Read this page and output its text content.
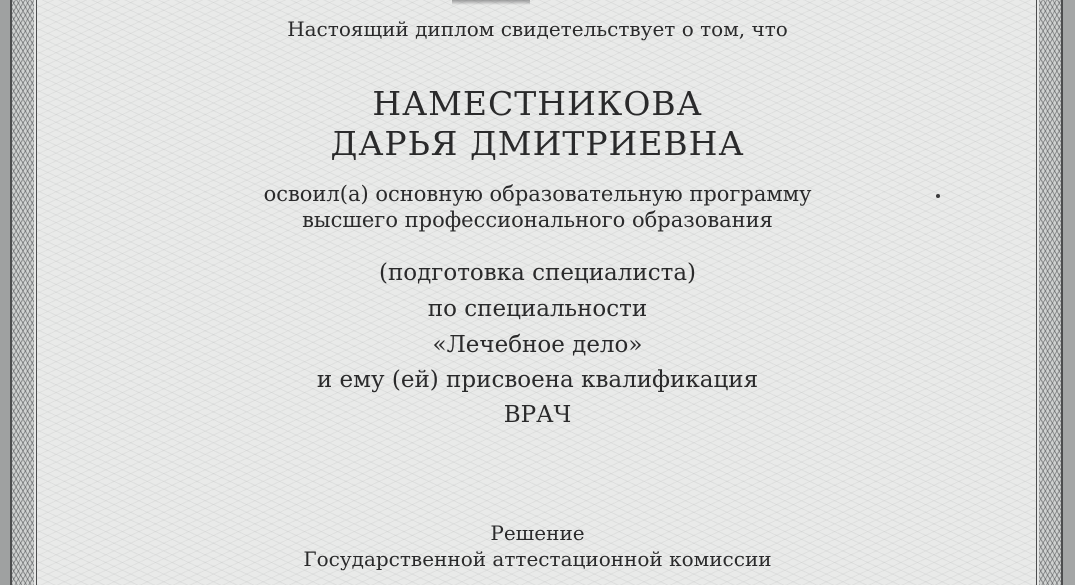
Настоящий диплом свидетельствует о том, что
НАМЕСТНИКОВА
ДАРЬЯ ДМИТРИЕВНА
освоил(а) основную образовательную программу
высшего профессионального образования
(подготовка специалиста)
по специальности
«Лечебное дело»
и ему (ей) присвоена квалификация
ВРАЧ
Решение
Государственной аттестационной комиссии
